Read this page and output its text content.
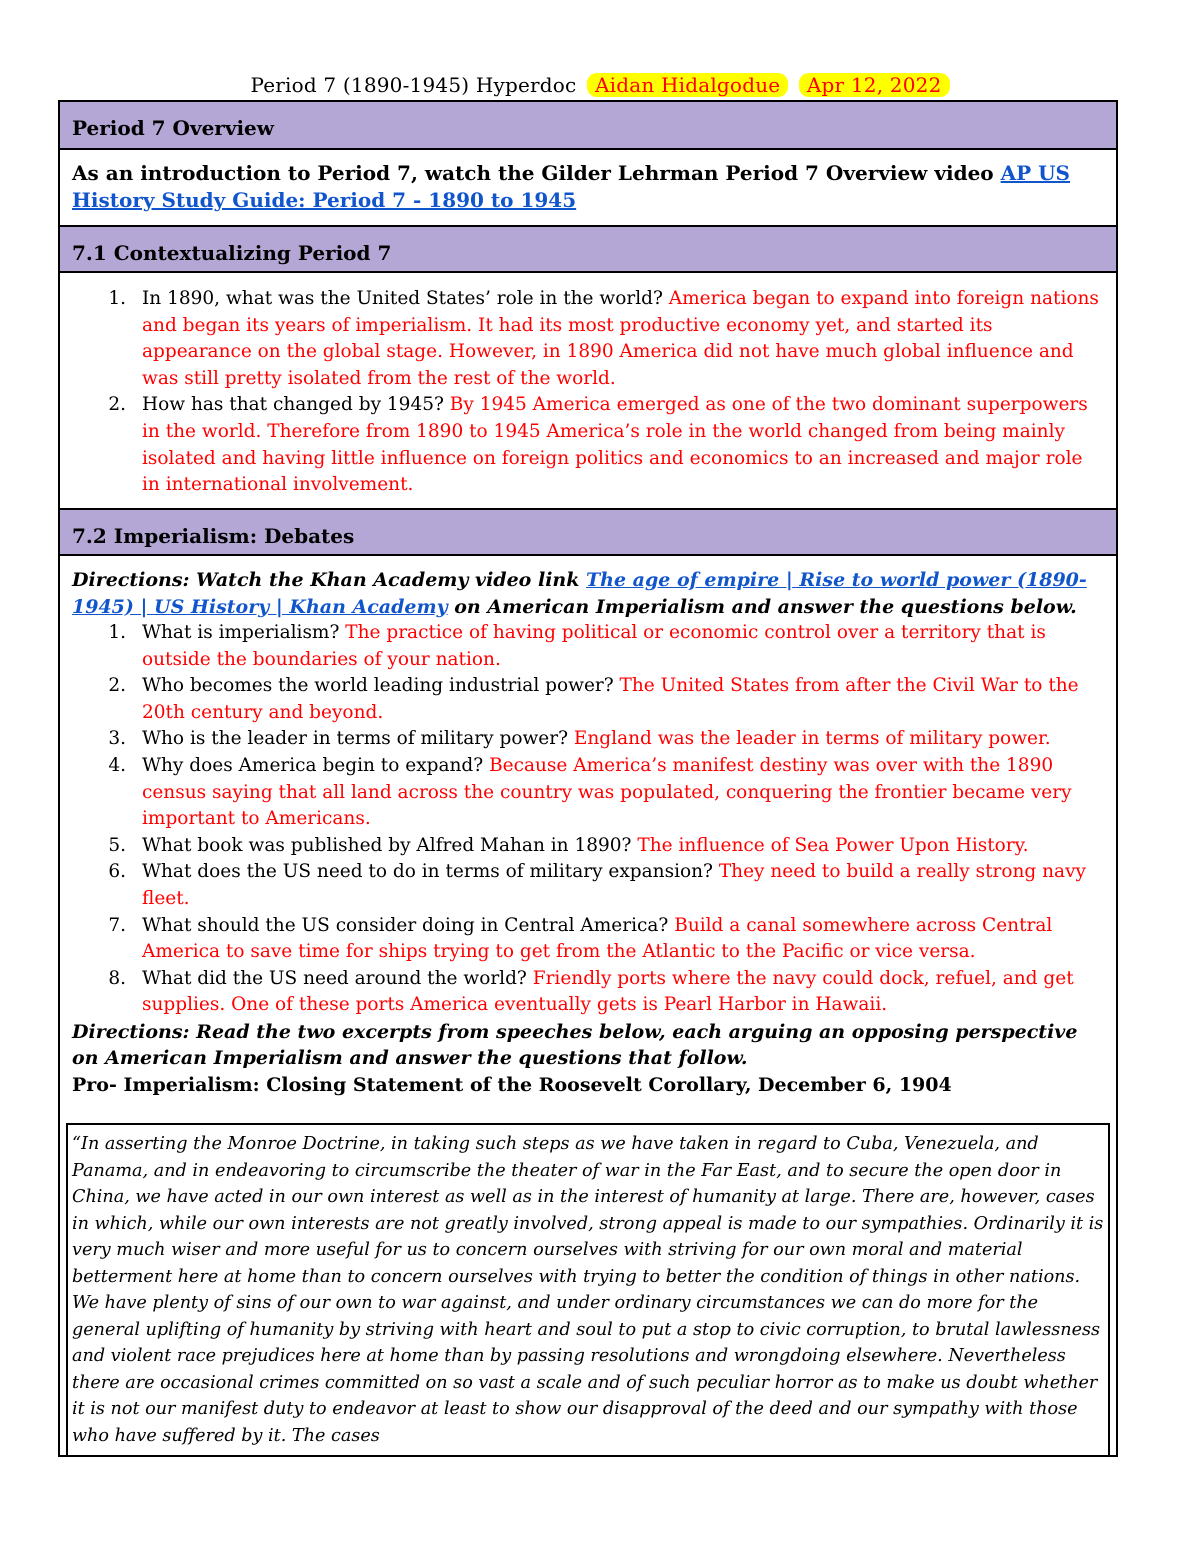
Period 7 (1890-1945) Hyperdoc Aidan Hidalgodue Apr 12, 2022
Period 7 Overview
As an introduction to Period 7, watch the Gilder Lehrman Period 7 Overview video AP US History Study Guide: Period 7 - 1890 to 1945
7.1 Contextualizing Period 7
1. In 1890, what was the United States’ role in the world? America began to expand into foreign nations and began its years of imperialism. It had its most productive economy yet, and started its appearance on the global stage. However, in 1890 America did not have much global influence and was still pretty isolated from the rest of the world.
2. How has that changed by 1945? By 1945 America emerged as one of the two dominant superpowers in the world. Therefore from 1890 to 1945 America’s role in the world changed from being mainly isolated and having little influence on foreign politics and economics to an increased and major role in international involvement.
7.2 Imperialism: Debates
Directions: Watch the Khan Academy video link The age of empire | Rise to world power (1890-1945) | US History | Khan Academy on American Imperialism and answer the questions below.
1. What is imperialism? The practice of having political or economic control over a territory that is outside the boundaries of your nation.
2. Who becomes the world leading industrial power? The United States from after the Civil War to the 20th century and beyond.
3. Who is the leader in terms of military power? England was the leader in terms of military power.
4. Why does America begin to expand? Because America’s manifest destiny was over with the 1890 census saying that all land across the country was populated, conquering the frontier became very important to Americans.
5. What book was published by Alfred Mahan in 1890? The influence of Sea Power Upon History.
6. What does the US need to do in terms of military expansion? They need to build a really strong navy fleet.
7. What should the US consider doing in Central America? Build a canal somewhere across Central America to save time for ships trying to get from the Atlantic to the Pacific or vice versa.
8. What did the US need around the world? Friendly ports where the navy could dock, refuel, and get supplies. One of these ports America eventually gets is Pearl Harbor in Hawaii.
Directions: Read the two excerpts from speeches below, each arguing an opposing perspective on American Imperialism and answer the questions that follow.
Pro- Imperialism: Closing Statement of the Roosevelt Corollary, December 6, 1904
“In asserting the Monroe Doctrine, in taking such steps as we have taken in regard to Cuba, Venezuela, and Panama, and in endeavoring to circumscribe the theater of war in the Far East, and to secure the open door in China, we have acted in our own interest as well as in the interest of humanity at large. There are, however, cases in which, while our own interests are not greatly involved, strong appeal is made to our sympathies. Ordinarily it is very much wiser and more useful for us to concern ourselves with striving for our own moral and material betterment here at home than to concern ourselves with trying to better the condition of things in other nations. We have plenty of sins of our own to war against, and under ordinary circumstances we can do more for the general uplifting of humanity by striving with heart and soul to put a stop to civic corruption, to brutal lawlessness and violent race prejudices here at home than by passing resolutions and wrongdoing elsewhere. Nevertheless there are occasional crimes committed on so vast a scale and of such peculiar horror as to make us doubt whether it is not our manifest duty to endeavor at least to show our disapproval of the deed and our sympathy with those who have suffered by it. The cases
